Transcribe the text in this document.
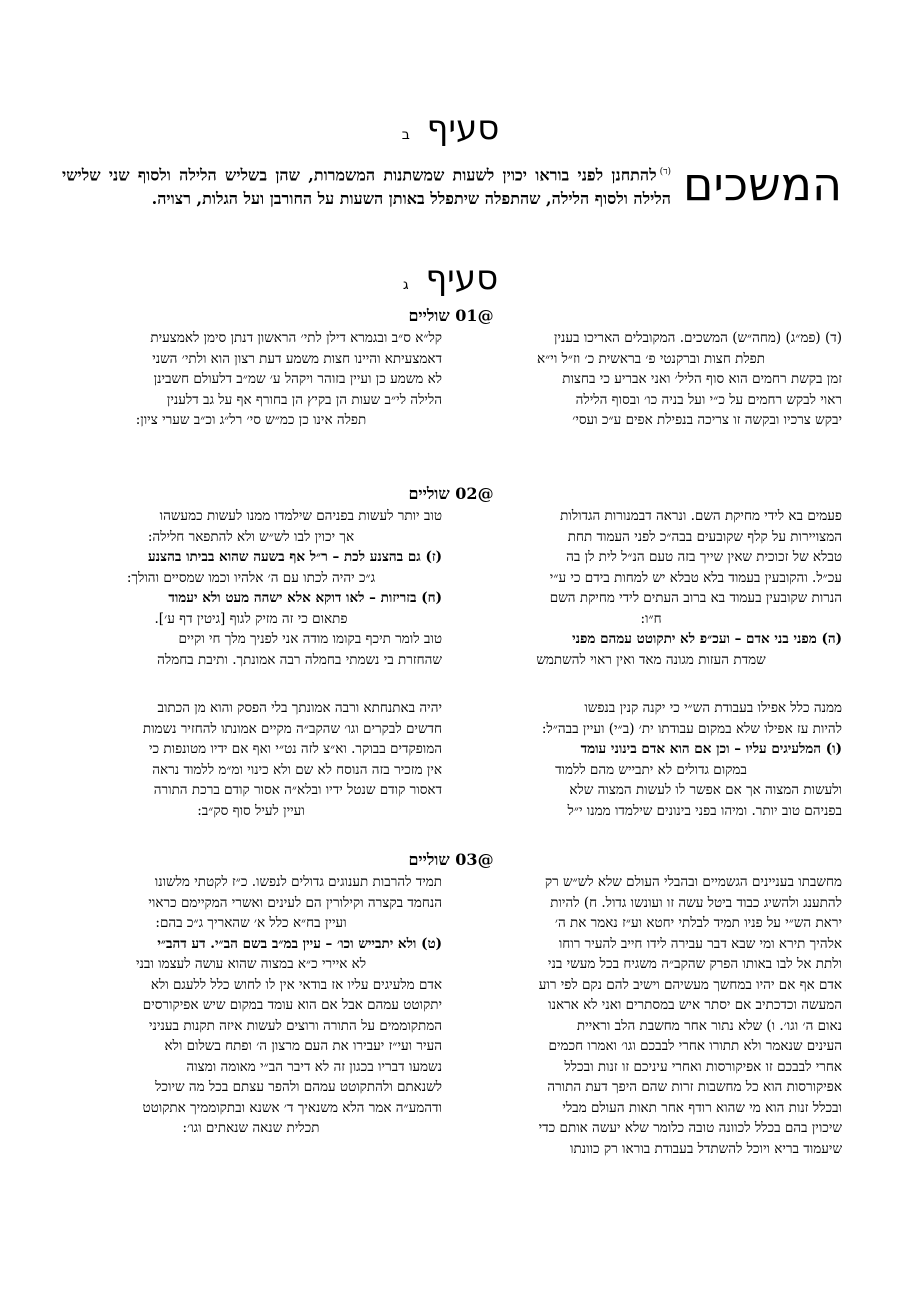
סעיף ב
המשכים
$^{(ד)}$להתחנן לפני בוראו יכוין לשעות שמשתנות המשמרות, שהן בשליש הלילה ולסוף שני שלישי הלילה ולסוף הלילה, שהתפלה שיתפלל באותן השעות על החורבן ועל הגלות, רצויה.
סעיף ג
@01 שוליים

(ד) (פמ״ג) (מחה״ש) המשכים. המקובלים האריכו בענין

תפלת חצות וברקנטי פ׳ בראשית כ׳ וז״ל וי״א

זמן בקשת רחמים הוא סוף הליל׳ ואני אבריע כי בחצות

ראוי לבקש רחמים על כ״י ועל בניה כו׳ ובסוף הלילה

יבקש צרכיו ובקשה זו צריכה בנפילת אפים ע״כ ועסי׳

קל״א ס״ב ובגמרא דילן לתי׳ הראשון דנתן סימן לאמצעית

דאמצעיתא והיינו חצות משמע דעת רצון הוא ולתי׳ השני

לא משמע כן ועיין בזוהר ויקהל ע׳ שמ״ב דלעולם חשבינן

הלילה לי״ב שעות הן בקיץ הן בחורף אף על גב דלענין

תפלה אינו כן כמ״ש סי׳ רל״ג וכ״ב שערי ציון:

@02 שוליים

פעמים בא לידי מחיקת השם. ונראה דבמנורות הגדולות

המצויירות על קלף שקובעים בבה״כ לפני העמוד תחת

טבלא של זכוכית שאין שייך בזה טעם הנ״ל לית לן בה

עכ״ל. והקובעין בעמוד בלא טבלא יש למחות בידם כי ע״י

הנרות שקובעין בעמוד בא ברוב העתים לידי מחיקת השם

ח״ו:

(ה) מפני בני אדם – ועכ״פ לא יתקוטט עמהם מפני

שמדת העזות מגונה מאד ואין ראוי להשתמש

טוב יותר לעשות בפניהם שילמדו ממנו לעשות כמעשהו

אך יכוין לבו לש״ש ולא להתפאר חלילה:

(ז) גם בהצנע לכת – ר״ל אף בשעה שהוא בביתו בהצנע

ג״כ יהיה לכתו עם ה׳ אלהיו וכמו שמסיים והולך:

(ח) בזריזות – לאו דוקא אלא ישהה מעט ולא יעמוד

פתאום כי זה מזיק לגוף [גיטין דף ע׳].

טוב לומר תיכף בקומו מודה אני לפניך מלך חי וקיים

שהחזרת בי נשמתי בחמלה רבה אמונתך. ותיבת בחמלה

ממנה כלל אפילו בעבודת הש״י כי יקנה קנין בנפשו

להיות עז אפילו שלא במקום עבודתו ית׳ (ב״י) ועיין בבה״ל:

(ו) המלעיגים עליו – וכן אם הוא אדם בינוני עומד

במקום גדולים לא יתבייש מהם ללמוד

ולעשות המצוה אך אם אפשר לו לעשות המצוה שלא

בפניהם טוב יותר. ומיהו בפני בינונים שילמדו ממנו י״ל

יהיה באתנחתא ורבה אמונתך בלי הפסק והוא מן הכתוב

חדשים לבקרים וגו׳ שהקב״ה מקיים אמונתו להחזיר נשמות

המופקדים בבוקר. וא״צ לזה נט״י ואף אם ידיו מטונפות כי

אין מזכיר בזה הנוסח לא שם ולא כינוי ומ״מ ללמוד נראה

דאסור קודם שנטל ידיו ובלא״ה אסור קודם ברכת התורה

ועיין לעיל סוף סק״ב:

@03 שוליים

מחשבתו בעניינים הגשמיים ובהבלי העולם שלא לש״ש רק

להתענג ולהשיג כבוד ביטל עשה זו ועונשו גדול. ח) להיות

יראת הש״י על פניו תמיד לבלתי יחטא וע״ז נאמר את ה׳

אלהיך תירא ומי שבא דבר עבירה לידו חייב להעיר רוחו

ולתת אל לבו באותו הפרק שהקב״ה משגיח בכל מעשי בני

אדם אף אם יהיו במחשך מעשיהם וישיב להם נקם לפי רוע

המעשה וכדכתיב אם יסתר איש במסתרים ואני לא אראנו

נאום ה׳ וגו׳. ו) שלא נתור אחר מחשבת הלב וראיית

העינים שנאמר ולא תתורו אחרי לבבכם וגו׳ ואמרו חכמים

אחרי לבבכם זו אפיקורסות ואחרי עיניכם זו זנות ובכלל

אפיקורסות הוא כל מחשבות זרות שהם היפך דעת התורה

ובכלל זנות הוא מי שהוא רודף אחר תאות העולם מבלי

שיכוין בהם בכלל לכוונה טובה כלומר שלא יעשה אותם כדי

שיעמוד בריא ויוכל להשתדל בעבודת בוראו רק כוונתו

תמיד להרבות תענוגים גדולים לנפשו. כ״ז לקטתי מלשונו

הנחמד בקצרה וקילורין הם לעינים ואשרי המקיימם כראוי

ועיין בח״א כלל א׳ שהאריך ג״כ בהם:

(ט) ולא יתבייש וכו׳ – עיין במ״ב בשם הב״י. דע דהב״י

לא איירי כ״א במצוה שהוא עושה לעצמו ובני

אדם מלעיגים עליו אז בודאי אין לו לחוש כלל ללעגם ולא

יתקוטט עמהם אבל אם הוא עומד במקום שיש אפיקורסים

המתקוממים על התורה ורוצים לעשות איזה תקנות בעניני

העיר ועי״ז יעבירו את העם מרצון ה׳ ופתח בשלום ולא

נשמעו דבריו בכגון זה לא דיבר הב״י מאומה ומצוה

לשנאתם ולהתקוטט עמהם ולהפר עצתם בכל מה שיוכל

ודהמע״ה אמר הלא משנאיך ד׳ אשנא ובתקוממיך אתקוטט

תכלית שנאה שנאתים וגו׳:
